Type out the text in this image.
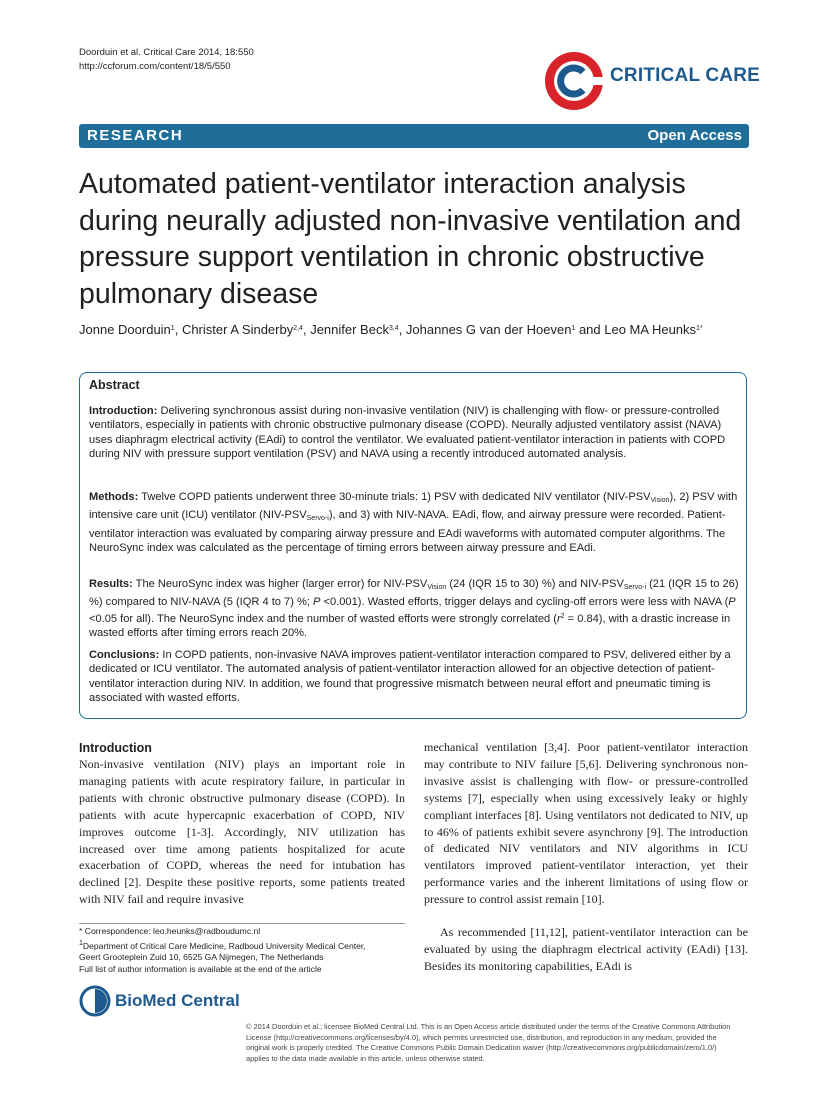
Doorduin et al. Critical Care 2014, 18:550
http://ccforum.com/content/18/5/550	CRITICAL CARE
RESEARCH	Open Access
Automated patient-ventilator interaction analysis during neurally adjusted non-invasive ventilation and pressure support ventilation in chronic obstructive pulmonary disease
Jonne Doorduin$^1$, Christer A Sinderby$^{2,4}$, Jennifer Beck$^{3,4}$, Johannes G van der Hoeven$^1$ and Leo MA Heunks$^{1*}$
Abstract

Introduction: Delivering synchronous assist during non-invasive ventilation (NIV) is challenging with flow- or pressure-controlled ventilators, especially in patients with chronic obstructive pulmonary disease (COPD). Neurally adjusted ventilatory assist (NAVA) uses diaphragm electrical activity (EAdi) to control the ventilator. We evaluated patient-ventilator interaction in patients with COPD during NIV with pressure support ventilation (PSV) and NAVA using a recently introduced automated analysis.

Methods: Twelve COPD patients underwent three 30-minute trials: 1) PSV with dedicated NIV ventilator $(NIV-PSV_{Vision})$, 2) PSV with intensive care unit (ICU) ventilator $(NIV-PSV_{Servo-i})$, and 3) with NIV-NAVA. EAdi, flow, and airway pressure were recorded. Patient-ventilator interaction was evaluated by comparing airway pressure and EAdi waveforms with automated computer algorithms. The NeuroSync index was calculated as the percentage of timing errors between airway pressure and EAdi.

Results: The NeuroSync index was higher (larger error) for NIV-$PSV_{Vision}$ (24 (IQR 15 to 30) %) and NIV-$PSV_{Servo-i}$ (21 (IQR 15 to 26) %) compared to NIV-NAVA (5 (IQR 4 to 7) %; P <0.001). Wasted efforts, trigger delays and cycling-off errors were less with NAVA (P <0.05 for all). The NeuroSync index and the number of wasted efforts were strongly correlated $(r^2 = 0.84)$, with a drastic increase in wasted efforts after timing errors reach 20%.

Conclusions: In COPD patients, non-invasive NAVA improves patient-ventilator interaction compared to PSV, delivered either by a dedicated or ICU ventilator. The automated analysis of patient-ventilator interaction allowed for an objective detection of patient-ventilator interaction during NIV. In addition, we found that progressive mismatch between neural effort and pneumatic timing is associated with wasted efforts.

Introduction

Non-invasive ventilation (NIV) plays an important role in managing patients with acute respiratory failure, in particular in patients with chronic obstructive pulmonary disease (COPD). In patients with acute hypercapnic exacerbation of COPD, NIV improves outcome [1-3]. Accordingly, NIV utilization has increased over time among patients hospitalized for acute exacerbation of COPD, whereas the need for intubation has declined [2]. Despite these positive reports, some patients treated with NIV fail and require invasive

mechanical ventilation [3,4]. Poor patient-ventilator interaction may contribute to NIV failure [5,6]. Delivering synchronous non-invasive assist is challenging with flow- or pressure-controlled systems [7], especially when using excessively leaky or highly compliant interfaces [8]. Using ventilators not dedicated to NIV, up to 46% of patients exhibit severe asynchrony [9]. The introduction of dedicated NIV ventilators and NIV algorithms in ICU ventilators improved patient-ventilator interaction, yet their performance varies and the inherent limitations of using flow or pressure to control assist remain [10].

As recommended [11,12], patient-ventilator interaction can be evaluated by using the diaphragm electrical activity (EAdi) [13]. Besides its monitoring capabilities, EAdi is

* Correspondence: leo.heunks@radboudumc.nl
$^1$Department of Critical Care Medicine, Radboud University Medical Center,
Geert Grooteplein Zuid 10, 6525 GA Nijmegen, The Netherlands
Full list of author information is available at the end of the article
BioMed Central
© 2014 Doorduin et al.; licensee BioMed Central Ltd. This is an Open Access article distributed under the terms of the Creative Commons Attribution License (http://creativecommons.org/licenses/by/4.0), which permits unrestricted use, distribution, and reproduction in any medium, provided the original work is properly credited. The Creative Commons Public Domain Dedication waiver (http://creativecommons.org/publicdomain/zero/1.0/) applies to the data made available in this article, unless otherwise stated.
